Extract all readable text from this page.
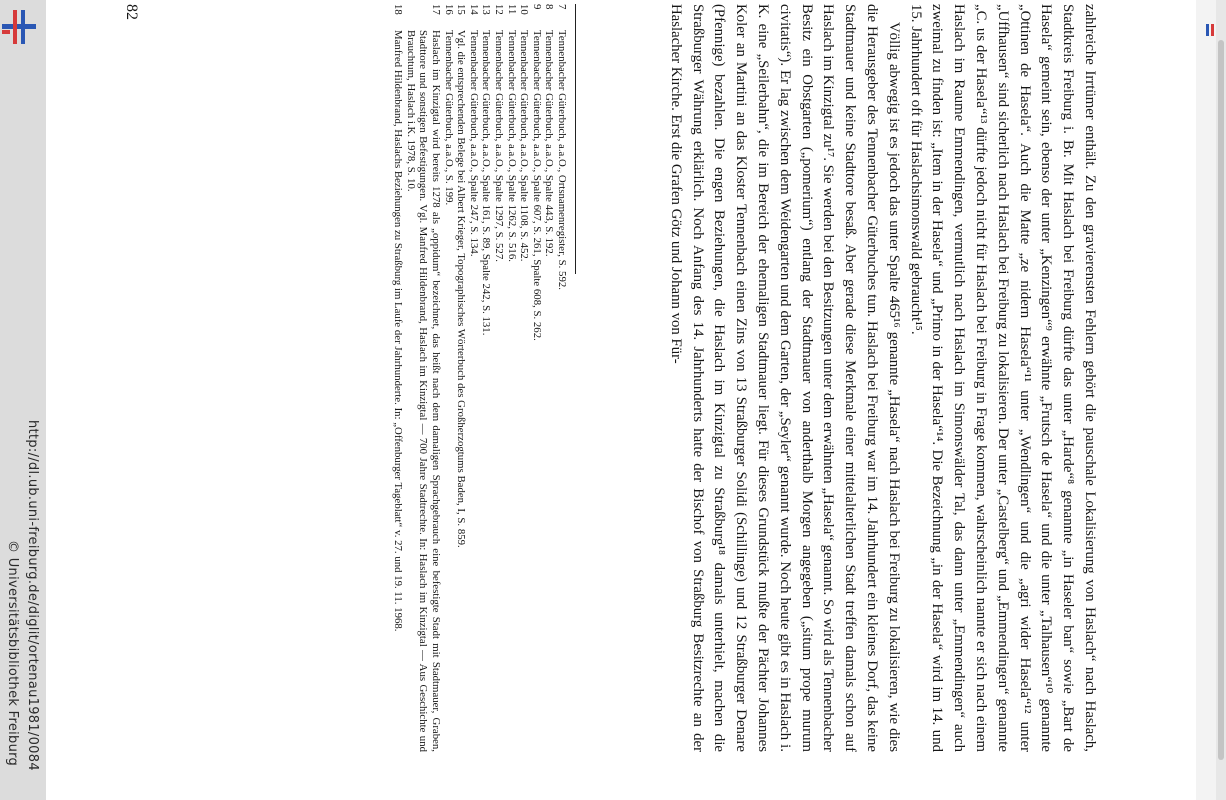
zahlreiche Irrtümer enthält. Zu den gravierensten Fehlern gehört die pauschale Lokalisierung von Haslach“ nach Haslach, Stadtkreis Freiburg i. Br. Mit Haslach bei Freiburg dürfte das unter „Harde“⁸ genannte „in Haseler ban“ sowie „Bart de Hasela“ gemeint sein, ebenso der unter „Kenzingen“⁹ erwähnte „Frutsch de Hasela“ und die unter „Talhausen“¹⁰ genannte „Ottinen de Hasela“. Auch die Matte „ze nidern Hasela“¹¹ unter „Wendlingen“ und die „agri wider Hasela“¹² unter „Uffhausen“ sind sicherlich nach Haslach bei Freiburg zu lokalisieren. Der unter „Castelberg“ und „Emmendingen“ genannte „C. us der Hasela“¹³ dürfte jedoch nicht für Haslach bei Freiburg in Frage kommen, wahrscheinlich nannte er sich nach einem Haslach im Raume Emmendingen, vermutlich nach Haslach im Simonswälder Tal, das dann unter „Emmendingen“ auch zweimal zu finden ist: „Item in der Hasela“ und „Primo in der Hasela“¹⁴. Die Bezeichnung „in der Hasela“ wird im 14. und 15. Jahrhundert oft für Haslachsimonswald gebraucht¹⁵.

Völlig abwegig ist es jedoch das unter Spalte 465¹⁶ genannte „Hasela“ nach Haslach bei Freiburg zu lokalisieren, wie dies die Herausgeber des Tennenbacher Güterbuches tun. Haslach bei Freiburg war im 14. Jahrhundert ein kleines Dorf, das keine Stadtmauer und keine Stadttore besaß. Aber gerade diese Merkmale einer mittelalterlichen Stadt treffen damals schon auf Haslach im Kinzigtal zu¹⁷. Sie werden bei den Besitzungen unter dem erwähnten „Hasela“ genannt. So wird als Tennenbacher Besitz ein Obstgarten („pomerium“) entlang der Stadtmauer von anderthalb Morgen angegeben („situm prope murum civitatis“). Er lag zwischen dem Weidengarten und dem Garten, der „Seyler“ genannt wurde. Noch heute gibt es in Haslach i. K. eine „Seilerbahn“, die im Bereich der ehemaligen Stadtmauer liegt. Für dieses Grundstück mußte der Pächter Johannes Koler an Martini an das Kloster Tennenbach einen Zins von 13 Straßburger Solidi (Schillinge) und 12 Straßburger Denare (Pfennige) bezahlen. Die engen Beziehungen, die Haslach im Kinzigtal zu Straßburg¹⁸ damals unterhielt, machen die Straßburger Währung erklärlich. Noch Anfang des 14. Jahrhunderts hatte der Bischof von Straßburg Besitzrechte an der Haslacher Kirche. Erst die Grafen Götz und Johann von Für-

7
Tennenbacher Güterbuch, a.a.O., Ortsnamenregister, S. 592.
8
Tennenbacher Güterbuch, a.a.O., Spalte 443, S. 192.
9
Tennenbacher Güterbuch, a.a.O., Spalte 607, S. 261, Spalte 608, S. 262.
10
Tennenbacher Güterbuch, a.a.O., Spalte 1108, S. 452.
11
Tennenbacher Güterbuch, a.a.O., Spalte 1262, S. 516.
12
Tennenbacher Güterbuch, a.a.O., Spalte 1297, S. 527.
13
Tennenbacher Güterbuch, a.a.O., Spalte 161, S. 89, Spalte 242, S. 131.
14
Tennenbacher Güterbuch, a.a.O., Spalte 247, S. 134.
15
Vgl. die entsprechenden Belege bei Albert Krieger, Topographisches Wörterbuch des Großherzogtums Baden, I, S. 859.
16
Tennenbacher Güterbuch, a.a.O., S. 199.
17
Haslach im Kinzigtal wird bereits 1278 als „oppidum“ bezeichnet, das heißt nach dem damaligen Sprachgebrauch eine befestigte Stadt mit Stadtmauer, Graben, Stadttore und sonstigen Befestigungen. Vgl. Manfred Hildenbrand, Haslach im Kinzigtal — 700 Jahre Stadtrechte. In: Haslach im Kinzigtal — Aus Geschichte und Brauchtum, Haslach i.K. 1978, S. 10.
18
Manfred Hildenbrand, Haslachs Beziehungen zu Straßburg im Laufe der Jahrhunderte. In: „Offenburger Tageblatt“ v. 27. und 19. 11. 1968.
82
http://dl.ub.uni-freiburg.de/diglit/ortenau1981/0084
© Universitätsbibliothek Freiburg
